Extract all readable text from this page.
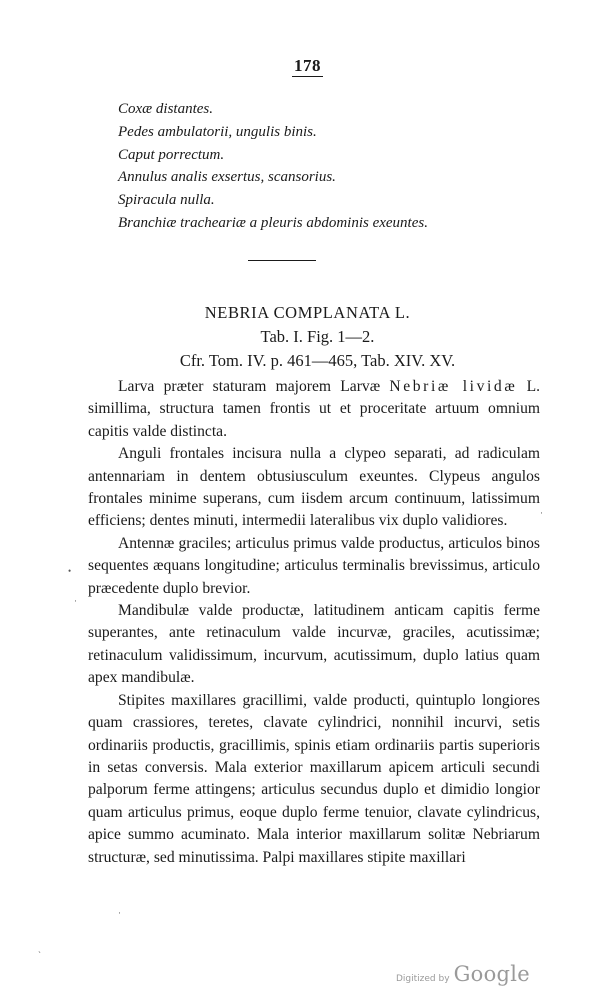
178
Coxæ distantes.
Pedes ambulatorii, ungulis binis.
Caput porrectum.
Annulus analis exsertus, scansorius.
Spiracula nulla.
Branchiæ tracheariæ a pleuris abdominis exeuntes.
NEBRIA COMPLANATA L.
Tab. I. Fig. 1—2.
Cfr. Tom. IV. p. 461—465, Tab. XIV. XV.

Larva præter staturam majorem Larvæ Nebriæ lividæ L. simillima, structura tamen frontis ut et proceritate artuum omnium capitis valde distincta.

Anguli frontales incisura nulla a clypeo separati, ad radiculam antennariam in dentem obtusiusculum exeuntes. Clypeus angulos frontales minime superans, cum iisdem arcum continuum, latissimum efficiens; dentes minuti, intermedii lateralibus vix duplo validiores.

Antennæ graciles; articulus primus valde productus, articulos binos sequentes æquans longitudine; articulus terminalis brevissimus, articulo præcedente duplo brevior.

Mandibulæ valde productæ, latitudinem anticam capitis ferme superantes, ante retinaculum valde incurvæ, graciles, acutissimæ; retinaculum validissimum, incurvum, acutissimum, duplo latius quam apex mandibulæ.

Stipites maxillares gracillimi, valde producti, quintuplo longiores quam crassiores, teretes, clavate cylindrici, nonnihil incurvi, setis ordinariis productis, gracillimis, spinis etiam ordinariis partis superioris in setas conversis. Mala exterior maxillarum apicem articuli secundi palporum ferme attingens; articulus secundus duplo et dimidio longior quam articulus primus, eoque duplo ferme tenuior, clavate cylindricus, apice summo acuminato. Mala interior maxillarum solitæ Nebriarum structuræ, sed minutissima. Palpi maxillares stipite maxillari

•
·
·
·
`
Digitized by Google
